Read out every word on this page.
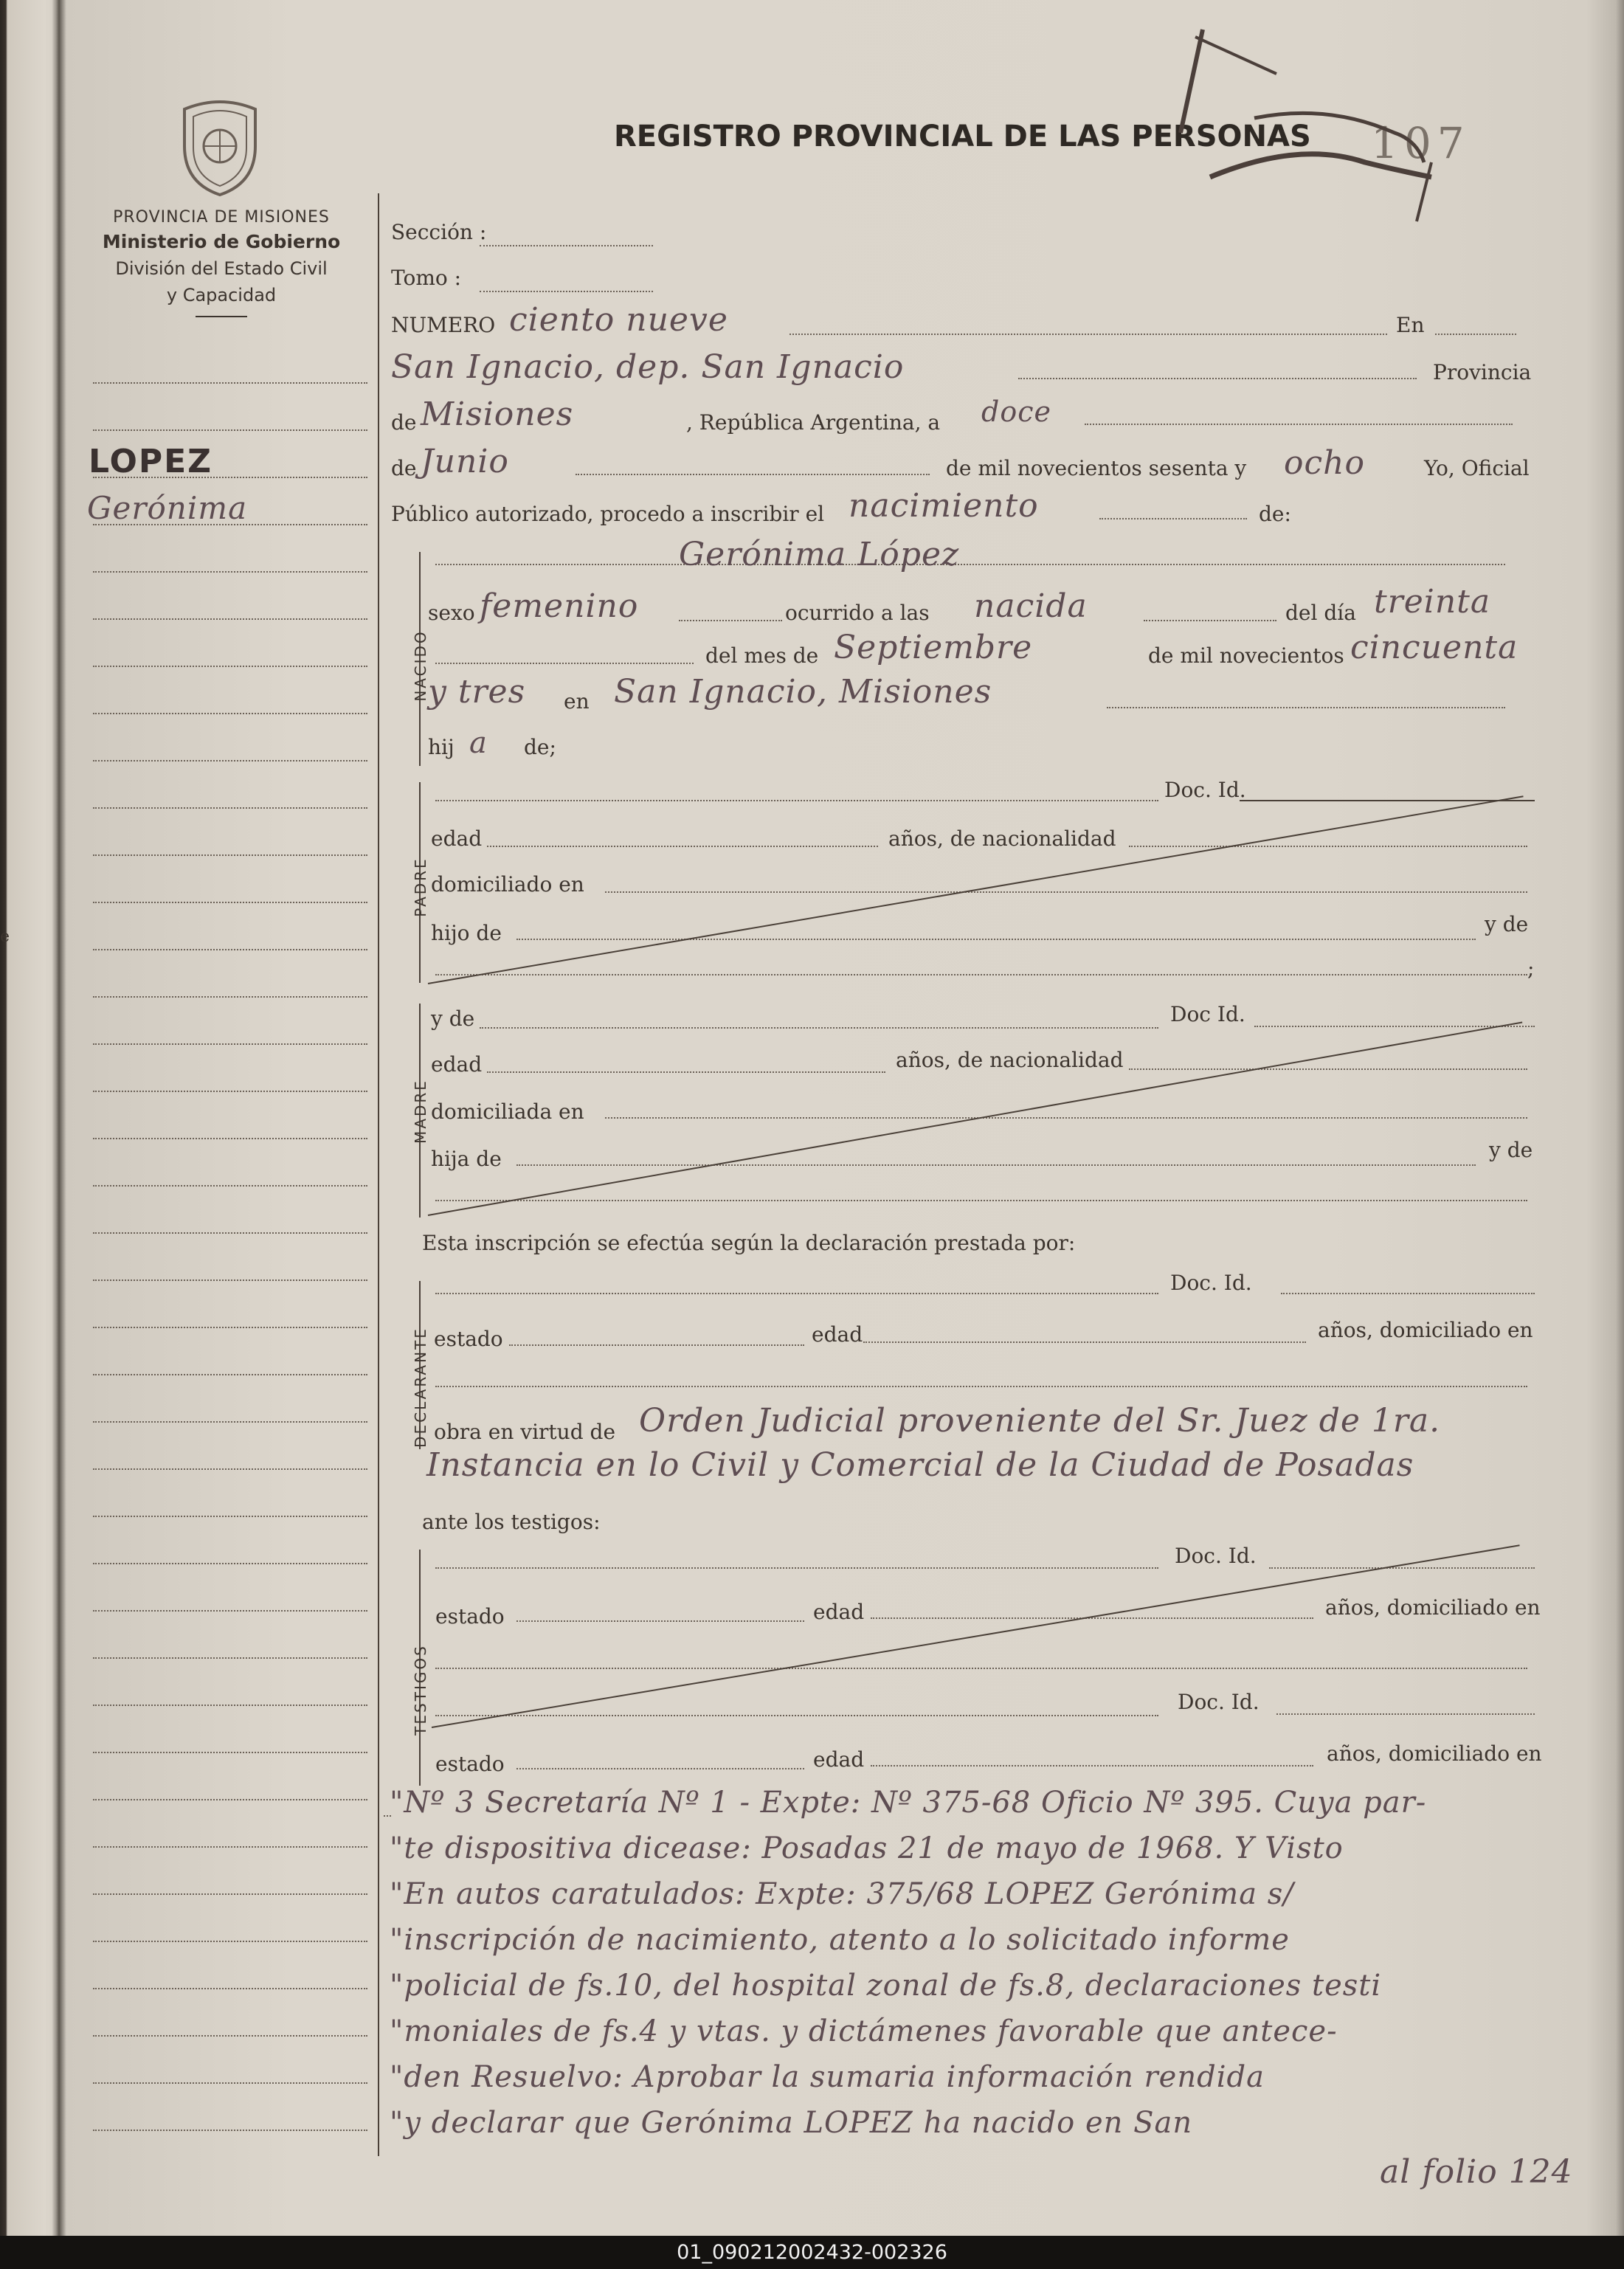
e
PROVINCIA DE MISIONES
Ministerio de Gobierno
División del Estado Civil
y Capacidad
REGISTRO PROVINCIAL DE LAS PERSONAS 107
LOPEZ
Gerónima
Sección :
Tomo :
NUMERO ciento nueve	En
San Ignacio, dep. San Ignacio	Provincia
de Misiones	, República Argentina, a doce
de Junio	de mil novecientos sesenta y ocho	Yo, Oficial
Público autorizado, procedo a inscribir el nacimiento	de:
NACIDO
Gerónima López
sexo femenino	ocurrido a las nacida	del día treinta
del mes de Septiembre	de mil novecientos cincuenta
y tres en San Ignacio, Misiones
hij a de;
PADRE
Doc. Id.
edad	años, de nacionalidad
domiciliado en
hijo de	y de
;
MADRE
y de	Doc Id.
edad	años, de nacionalidad
domiciliada en
hija de	y de
Esta inscripción se efectúa según la declaración prestada por:
DECLARANTE
Doc. Id.
estado	edad	años, domiciliado en
obra en virtud de Orden Judicial proveniente del Sr. Juez de 1ra.
Instancia en lo Civil y Comercial de la Ciudad de Posadas
ante los testigos:
TESTIGOS
Doc. Id.
estado	edad	años, domiciliado en
Doc. Id.
estado	edad	años, domiciliado en
"Nº 3 Secretaría Nº 1 - Expte: Nº 375-68 Oficio Nº 395. Cuya par-
"te dispositiva dicease: Posadas 21 de mayo de 1968. Y Visto
"En autos caratulados: Expte: 375/68 LOPEZ Gerónima s/
"inscripción de nacimiento, atento a lo solicitado informe
"policial de fs.10, del hospital zonal de fs.8, declaraciones testi
"moniales de fs.4 y vtas. y dictámenes favorable que antece-
"den Resuelvo: Aprobar la sumaria información rendida
"y declarar que Gerónima LOPEZ ha nacido en San
al folio 124
01_090212002432-002326
